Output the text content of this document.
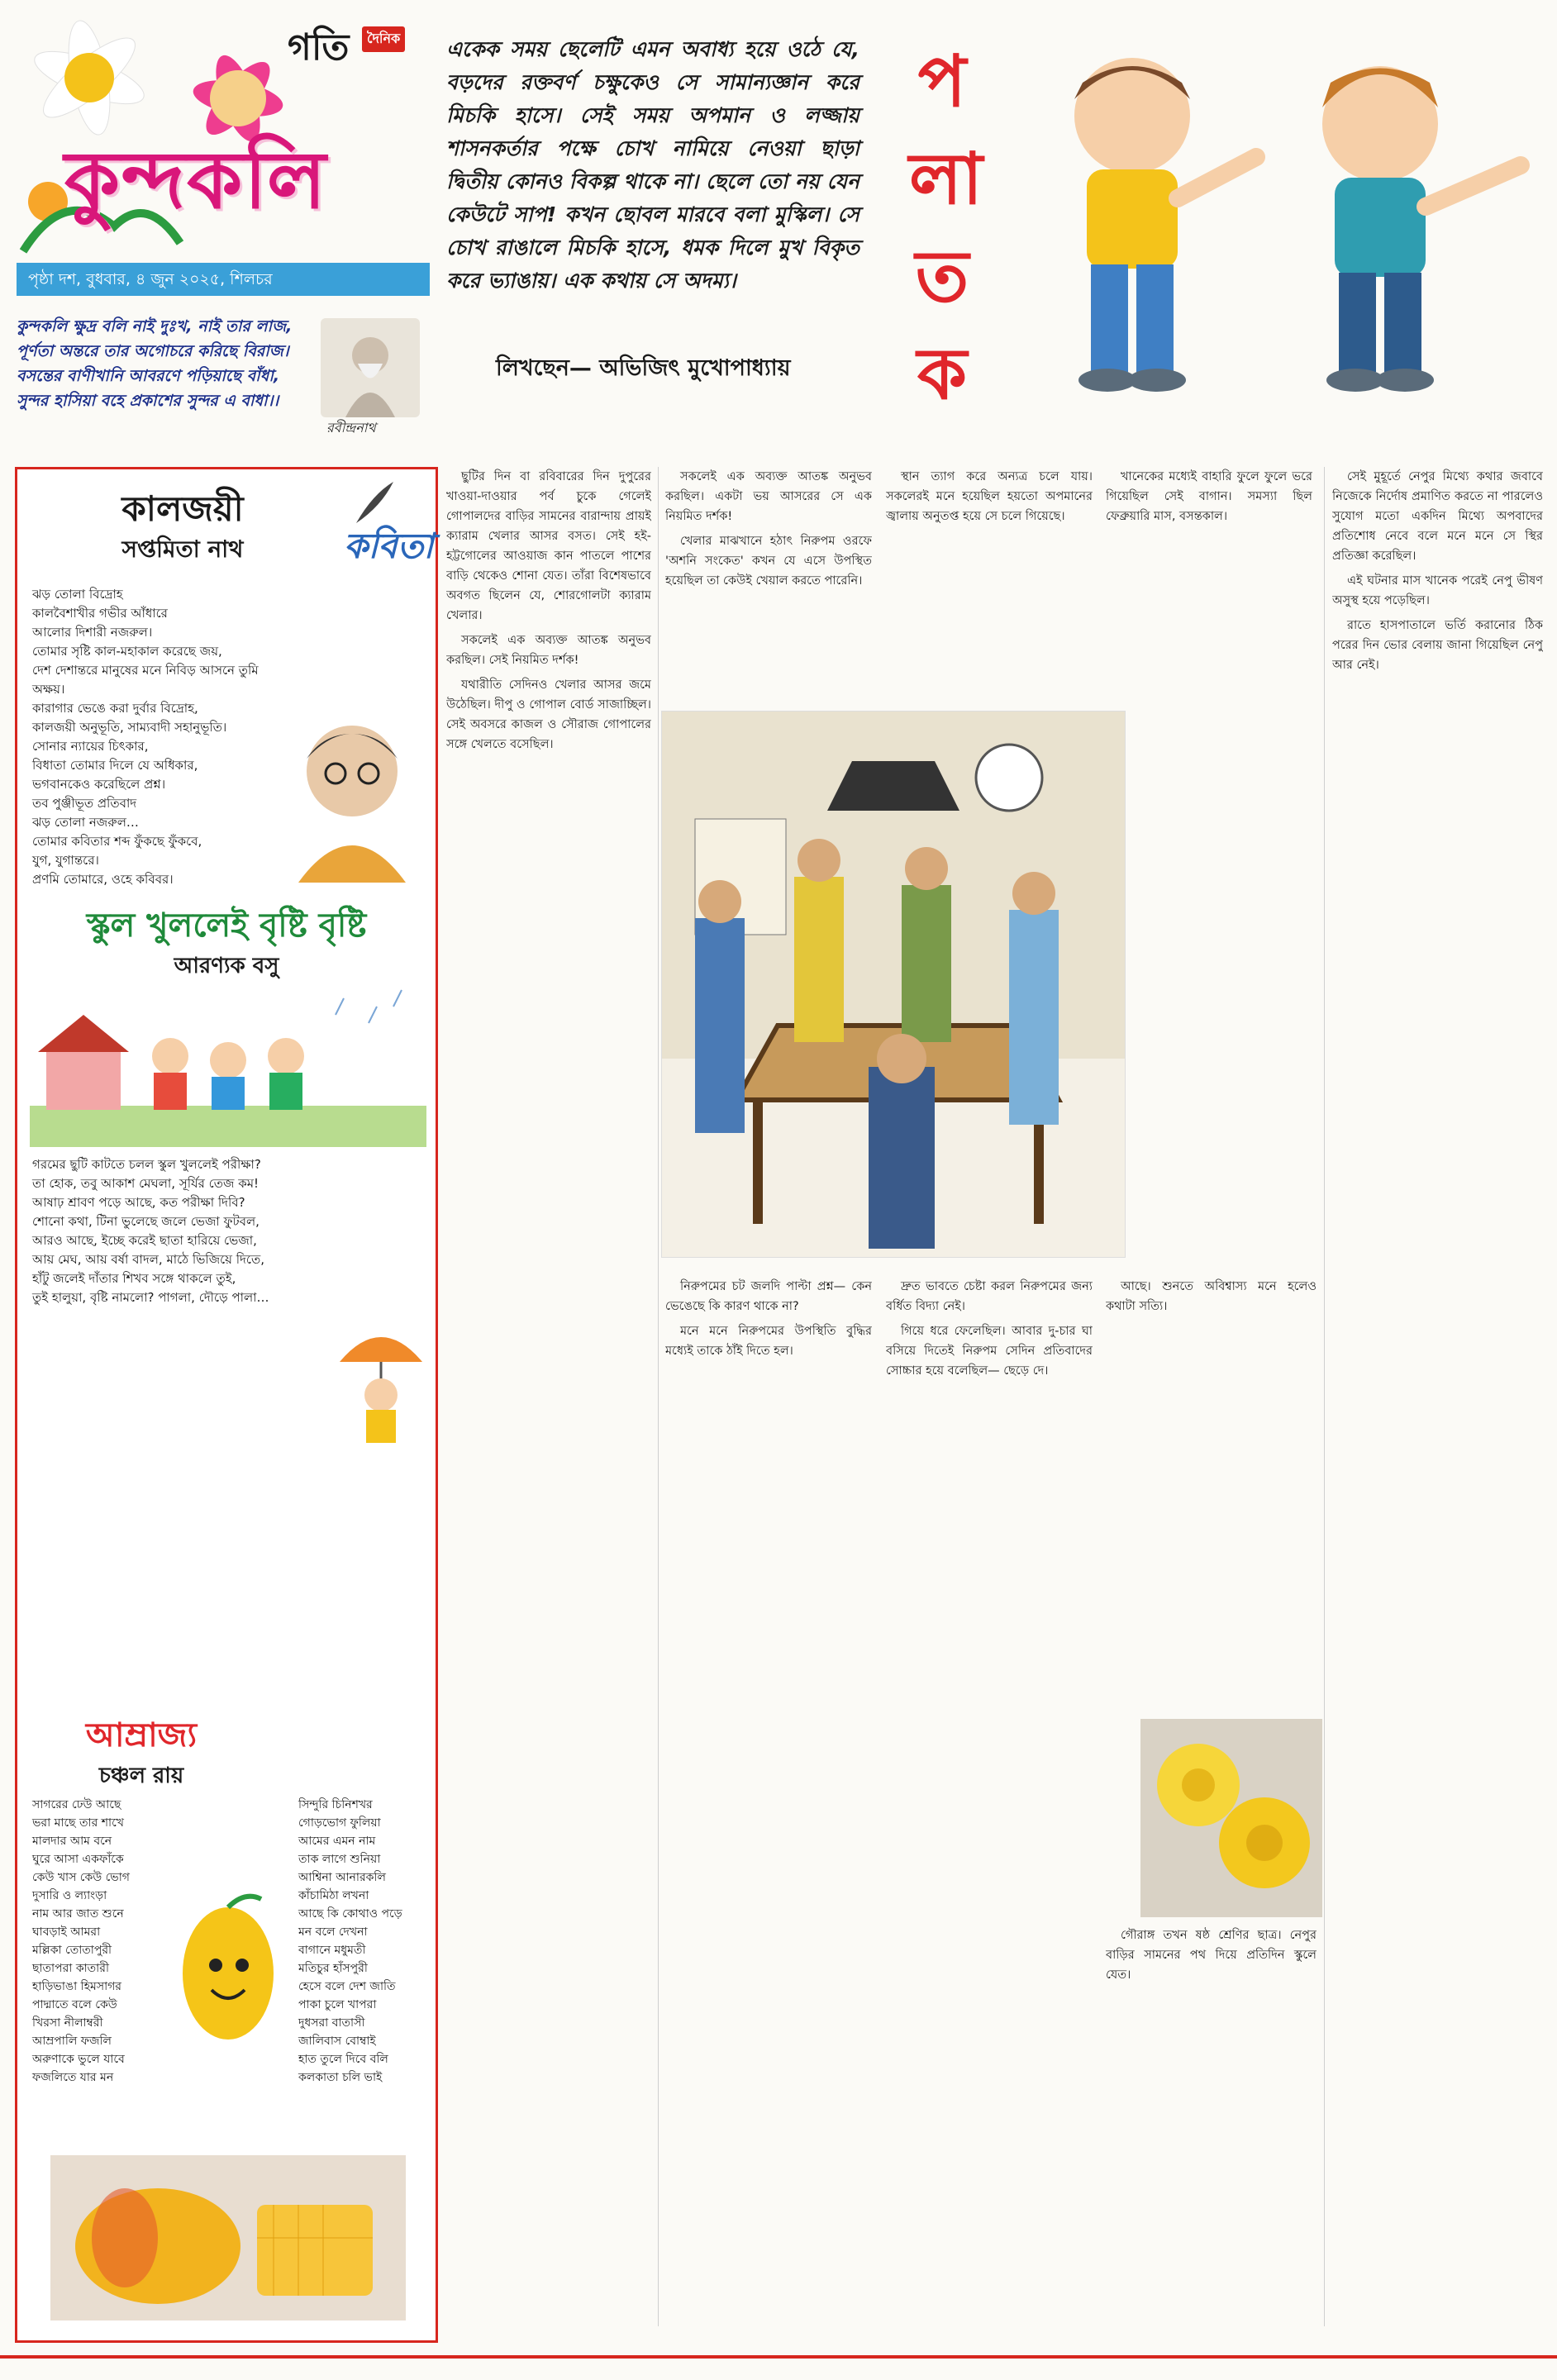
গতি	দৈনিক
কুন্দকলি
পৃষ্ঠা দশ, বুধবার, ৪ জুন ২০২৫, শিলচর
কুন্দকলি ক্ষুদ্র বলি নাই দুঃখ, নাই তার লাজ, পূর্ণতা অন্তরে তার অগোচরে করিছে বিরাজ। বসন্তের বাণীখানি আবরণে পড়িয়াছে বাঁধা, সুন্দর হাসিয়া বহে প্রকাশের সুন্দর এ বাধা।।
রবীন্দ্রনাথ
একেক সময় ছেলেটি এমন অবাধ্য হয়ে ওঠে যে, বড়দের রক্তবর্ণ চক্ষুকেও সে সামান্যজ্ঞান করে মিচকি হাসে। সেই সময় অপমান ও লজ্জায় শাসনকর্তার পক্ষে চোখ নামিয়ে নেওয়া ছাড়া দ্বিতীয় কোনও বিকল্প থাকে না। ছেলে তো নয় যেন কেউটে সাপ! কখন ছোবল মারবে বলা মুস্কিল। সে চোখ রাঙালে মিচকি হাসে, ধমক দিলে মুখ বিকৃত করে ভ্যাঙায়। এক কথায় সে অদম্য।
লিখছেন— অভিজিৎ মুখোপাধ্যায়
প
লা
ত
ক
কালজয়ী
সপ্তমিতা নাথ	কবিতা
ঝড় তোলা বিদ্রোহ
কালবৈশাখীর গভীর আঁধারে
আলোর দিশারী নজরুল।
তোমার সৃষ্টি কাল-মহাকাল করেছে জয়,
দেশ দেশান্তরে মানুষের মনে নিবিড় আসনে তুমি অক্ষয়।
কারাগার ভেঙে করা দুর্বার বিদ্রোহ,
কালজয়ী অনুভূতি, সাম্যবাদী সহানুভূতি।
সোনার ন্যায়ের চিৎকার,
বিধাতা তোমার দিলে যে অধিকার,
ভগবানকেও করেছিলে প্রশ্ন।
তব পুঞ্জীভূত প্রতিবাদ
ঝড় তোলা নজরুল…
তোমার কবিতার শব্দ ফুঁকছে ফুঁকবে,
যুগ, যুগান্তরে।
প্রণমি তোমারে, ওহে কবিবর।
স্কুল খুললেই বৃষ্টি বৃষ্টি
আরণ্যক বসু
গরমের ছুটি কাটতে চলল স্কুল খুললেই পরীক্ষা?
তা হোক, তবু আকাশ মেঘলা, সূর্যির তেজ কম!
আষাঢ় শ্রাবণ পড়ে আছে, কত পরীক্ষা দিবি?
শোনো কথা, টিনা ভুলেছে জলে ভেজা ফুটবল,
আরও আছে, ইচ্ছে করেই ছাতা হারিয়ে ভেজা,
আয় মেঘ, আয় বর্ষা বাদল, মাঠে ভিজিয়ে দিতে,
হাঁটু জলেই দাঁতার শিখব সঙ্গে থাকলে তুই,
তুই হালুয়া, বৃষ্টি নামলো? পাগলা, দৌড়ে পালা…
আম্রাজ্য
চঞ্চল রায়
সাগরের ঢেউ আছে
ভরা মাছে তার শাখে
মালদার আম বনে
ঘুরে আসা একফাঁকে
কেউ খাস কেউ ভোগ
দুসারি ও ল্যাংড়া
নাম আর জাত শুনে
ঘাবড়াই আমরা
মল্লিকা তোতাপুরী
ছাতাপরা কাতারী
হাড়িভাঙা হিমসাগর
পাদ্মাতে বলে কেউ
খিরসা নীলাম্বরী
আম্রপালি ফজলি
অরুণাকে ভুলে যাবে
ফজলিতে যার মন
সিন্দুরি চিনিশখর
গোড়ভোগ ফুলিয়া
আমের এমন নাম
তাক লাগে শুনিয়া
আশ্বিনা আনারকলি
কাঁচামিঠা লখনা
আছে কি কোথাও পড়ে
মন বলে দেখনা
বাগানে মধুমতী
মতিচুর হাঁসপুরী
হেসে বলে দেশ জাতি
পাকা চুলে খাপরা
দুধসরা বাতাসী
জালিবাস বোম্বাই
হাত তুলে দিবে বলি
কলকাতা চলি ভাই

ছুটির দিন বা রবিবারের দিন দুপুরের খাওয়া-দাওয়ার পর্ব চুকে গেলেই গোপালদের বাড়ির সামনের বারান্দায় প্রায়ই ক্যারাম খেলার আসর বসত। সেই হই-হট্টগোলের আওয়াজ কান পাতলে পাশের বাড়ি থেকেও শোনা যেত। তাঁরা বিশেষভাবে অবগত ছিলেন যে, শোরগোলটা ক্যারাম খেলার।

সকলেই এক অব্যক্ত আতঙ্ক অনুভব করছিল। সেই নিয়মিত দর্শক!

যথারীতি সেদিনও খেলার আসর জমে উঠেছিল। দীপু ও গোপাল বোর্ড সাজাচ্ছিল। সেই অবসরে কাজল ও সৌরাজ গোপালের সঙ্গে খেলতে বসেছিল।

সকলেই এক অব্যক্ত আতঙ্ক অনুভব করছিল। একটা ভয় আসরের সে এক নিয়মিত দর্শক!

খেলার মাঝখানে হঠাৎ নিরুপম ওরফে 'অশনি সংকেত' কখন যে এসে উপস্থিত হয়েছিল তা কেউই খেয়াল করতে পারেনি।

স্থান ত্যাগ করে অন্যত্র চলে যায়। সকলেরই মনে হয়েছিল হয়তো অপমানের জ্বালায় অনুতপ্ত হয়ে সে চলে গিয়েছে।

খানেকের মধ্যেই বাহারি ফুলে ফুলে ভরে গিয়েছিল সেই বাগান। সমস্যা ছিল ফেব্রুয়ারি মাস, বসন্তকাল।

সেই মুহূর্তে নেপুর মিথ্যে কথার জবাবে নিজেকে নির্দোষ প্রমাণিত করতে না পারলেও সুযোগ মতো একদিন মিথ্যে অপবাদের প্রতিশোধ নেবে বলে মনে মনে সে স্থির প্রতিজ্ঞা করেছিল।

এই ঘটনার মাস খানেক পরেই নেপু ভীষণ অসুস্থ হয়ে পড়েছিল।

রাতে হাসপাতালে ভর্তি করানোর ঠিক পরের দিন ভোর বেলায় জানা গিয়েছিল নেপু আর নেই।

নিরুপমের চট জলদি পাল্টা প্রশ্ন— কেন ভেঙেছে কি কারণ থাকে না?

মনে মনে নিরুপমের উপস্থিতি বুদ্ধির মধ্যেই তাকে ঠাঁই দিতে হল।

দ্রুত ভাবতে চেষ্টা করল নিরুপমের জন্য বর্ধিত বিদ্যা নেই।

গিয়ে ধরে ফেলেছিল। আবার দু-চার ঘা বসিয়ে দিতেই নিরুপম সেদিন প্রতিবাদের সোচ্চার হয়ে বলেছিল— ছেড়ে দে।

আছে। শুনতে অবিশ্বাস্য মনে হলেও কথাটা সত্যি।

গৌরাঙ্গ তখন ষষ্ঠ শ্রেণির ছাত্র। নেপুর বাড়ির সামনের পথ দিয়ে প্রতিদিন স্কুলে যেত।
